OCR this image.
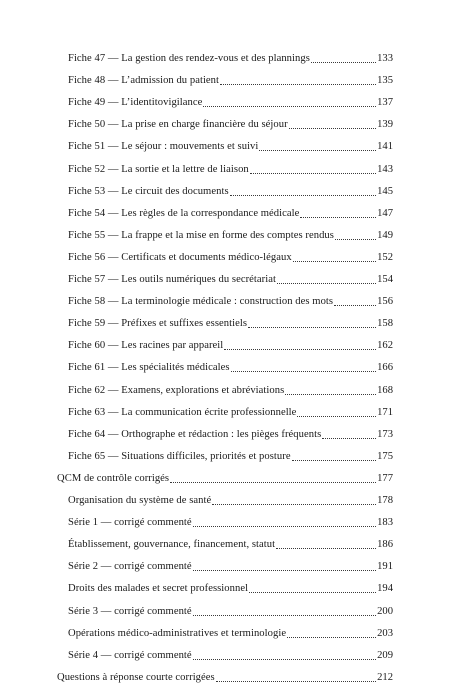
Fiche 47 — La gestion des rendez-vous et des plannings	133
Fiche 48 — L’admission du patient	135
Fiche 49 — L’identitovigilance	137
Fiche 50 — La prise en charge financière du séjour	139
Fiche 51 — Le séjour : mouvements et suivi	141
Fiche 52 — La sortie et la lettre de liaison	143
Fiche 53 — Le circuit des documents	145
Fiche 54 — Les règles de la correspondance médicale	147
Fiche 55 — La frappe et la mise en forme des comptes rendus	149
Fiche 56 — Certificats et documents médico-légaux	152
Fiche 57 — Les outils numériques du secrétariat	154
Fiche 58 — La terminologie médicale : construction des mots	156
Fiche 59 — Préfixes et suffixes essentiels	158
Fiche 60 — Les racines par appareil	162
Fiche 61 — Les spécialités médicales	166
Fiche 62 — Examens, explorations et abréviations	168
Fiche 63 — La communication écrite professionnelle	171
Fiche 64 — Orthographe et rédaction : les pièges fréquents	173
Fiche 65 — Situations difficiles, priorités et posture	175
QCM de contrôle corrigés	177
Organisation du système de santé	178
Série 1 — corrigé commenté	183
Établissement, gouvernance, financement, statut	186
Série 2 — corrigé commenté	191
Droits des malades et secret professionnel	194
Série 3 — corrigé commenté	200
Opérations médico-administratives et terminologie	203
Série 4 — corrigé commenté	209
Questions à réponse courte corrigées	212
